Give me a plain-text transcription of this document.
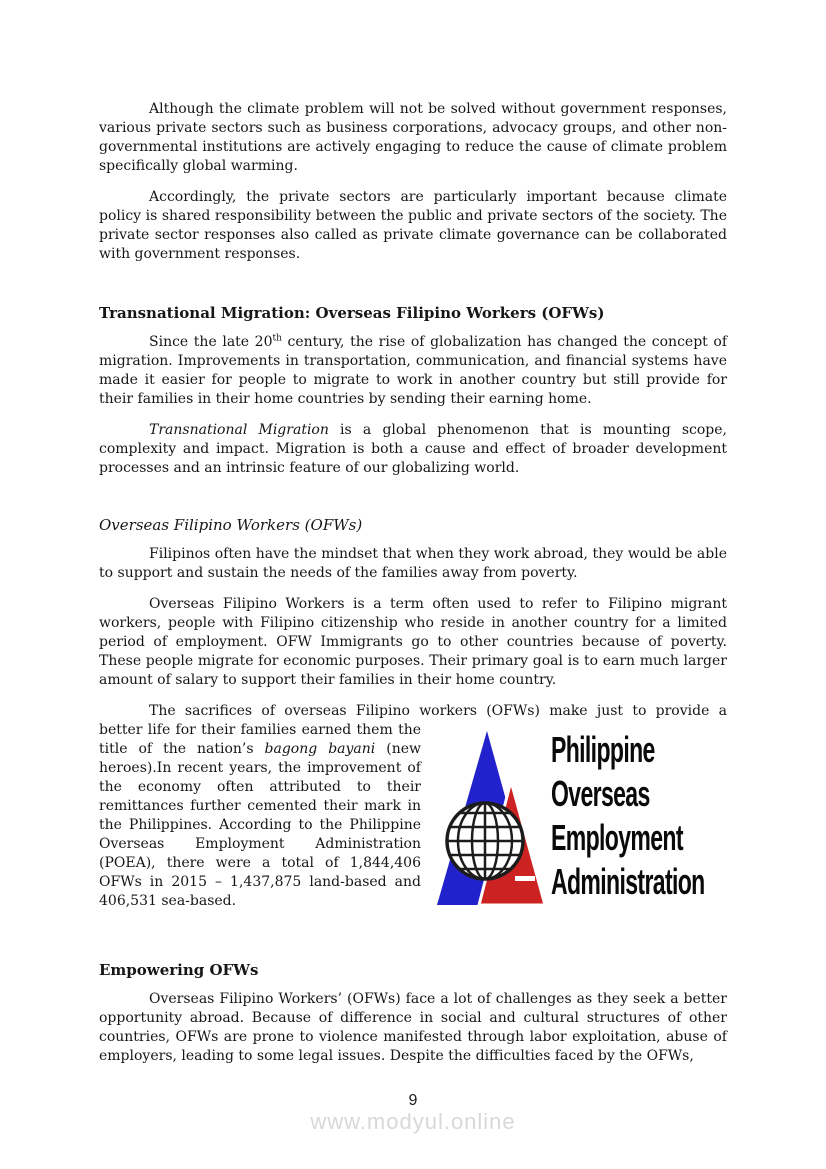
Although the climate problem will not be solved without government responses, various private sectors such as business corporations, advocacy groups, and other non-governmental institutions are actively engaging to reduce the cause of climate problem specifically global warming.

Accordingly, the private sectors are particularly important because climate policy is shared responsibility between the public and private sectors of the society. The private sector responses also called as private climate governance can be collaborated with government responses.

Transnational Migration: Overseas Filipino Workers (OFWs)

Since the late 20th century, the rise of globalization has changed the concept of migration. Improvements in transportation, communication, and financial systems have made it easier for people to migrate to work in another country but still provide for their families in their home countries by sending their earning home.

Transnational Migration is a global phenomenon that is mounting scope, complexity and impact. Migration is both a cause and effect of broader development processes and an intrinsic feature of our globalizing world.

Overseas Filipino Workers (OFWs)

Filipinos often have the mindset that when they work abroad, they would be able to support and sustain the needs of the families away from poverty.

Overseas Filipino Workers is a term often used to refer to Filipino migrant workers, people with Filipino citizenship who reside in another country for a limited period of employment. OFW Immigrants go to other countries because of poverty. These people migrate for economic purposes. Their primary goal is to earn much larger amount of salary to support their families in their home country.

The sacrifices of overseas Filipino workers (OFWs) make just to provide a

Philippine
Overseas
Employment
Administration

better life for their families earned them the title of the nation’s bagong bayani (new heroes).In recent years, the improvement of the economy often attributed to their remittances further cemented their mark in the Philippines. According to the Philippine Overseas Employment Administration (POEA), there were a total of 1,844,406 OFWs in 2015 – 1,437,875 land-based and 406,531 sea-based.

Empowering OFWs

Overseas Filipino Workers’ (OFWs) face a lot of challenges as they seek a better opportunity abroad. Because of difference in social and cultural structures of other countries, OFWs are prone to violence manifested through labor exploitation, abuse of employers, leading to some legal issues. Despite the difficulties faced by the OFWs,

9
www.modyul.online
